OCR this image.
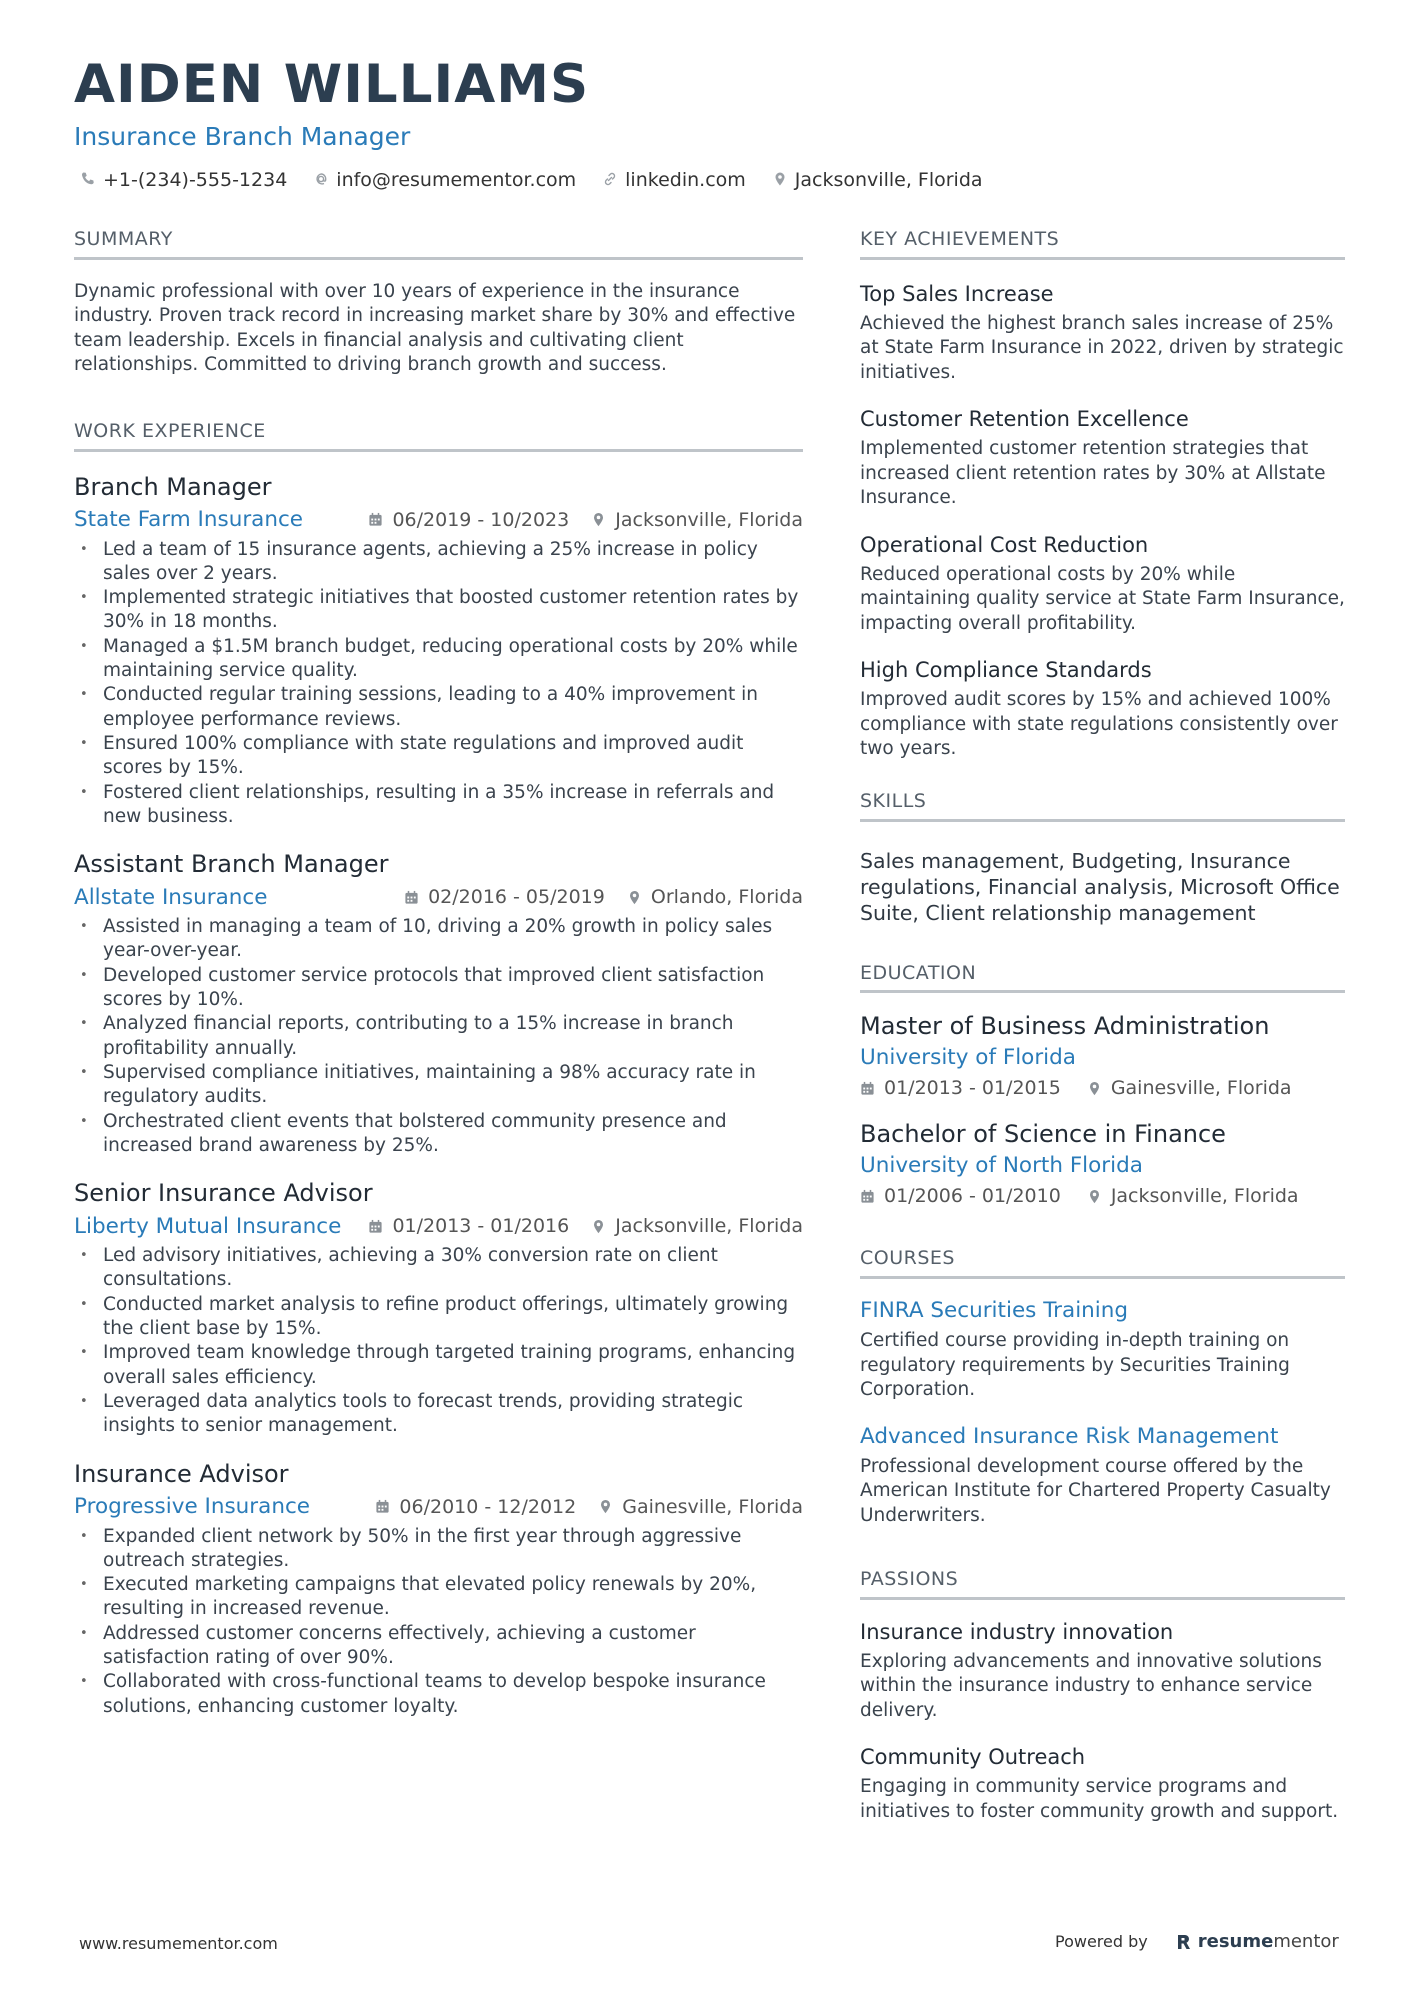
AIDEN WILLIAMS
Insurance Branch Manager
+1-(234)-555-1234	info@resumementor.com	linkedin.com	Jacksonville, Florida
SUMMARY
Dynamic professional with over 10 years of experience in the insurance industry. Proven track record in increasing market share by 30% and effective team leadership. Excels in financial analysis and cultivating client relationships. Committed to driving branch growth and success.
WORK EXPERIENCE
Branch Manager
State Farm Insurance	06/2019 - 10/2023 Jacksonville, Florida
• Led a team of 15 insurance agents, achieving a 25% increase in policy sales over 2 years.
• Implemented strategic initiatives that boosted customer retention rates by 30% in 18 months.
• Managed a $1.5M branch budget, reducing operational costs by 20% while maintaining service quality.
• Conducted regular training sessions, leading to a 40% improvement in employee performance reviews.
• Ensured 100% compliance with state regulations and improved audit scores by 15%.
• Fostered client relationships, resulting in a 35% increase in referrals and new business.
Assistant Branch Manager
Allstate Insurance	02/2016 - 05/2019 Orlando, Florida
• Assisted in managing a team of 10, driving a 20% growth in policy sales year-over-year.
• Developed customer service protocols that improved client satisfaction scores by 10%.
• Analyzed financial reports, contributing to a 15% increase in branch profitability annually.
• Supervised compliance initiatives, maintaining a 98% accuracy rate in regulatory audits.
• Orchestrated client events that bolstered community presence and increased brand awareness by 25%.
Senior Insurance Advisor
Liberty Mutual Insurance	01/2013 - 01/2016 Jacksonville, Florida
• Led advisory initiatives, achieving a 30% conversion rate on client consultations.
• Conducted market analysis to refine product offerings, ultimately growing the client base by 15%.
• Improved team knowledge through targeted training programs, enhancing overall sales efficiency.
• Leveraged data analytics tools to forecast trends, providing strategic insights to senior management.
Insurance Advisor
Progressive Insurance	06/2010 - 12/2012 Gainesville, Florida
• Expanded client network by 50% in the first year through aggressive outreach strategies.
• Executed marketing campaigns that elevated policy renewals by 20%, resulting in increased revenue.
• Addressed customer concerns effectively, achieving a customer satisfaction rating of over 90%.
• Collaborated with cross-functional teams to develop bespoke insurance solutions, enhancing customer loyalty.
KEY ACHIEVEMENTS
Top Sales Increase
Achieved the highest branch sales increase of 25% at State Farm Insurance in 2022, driven by strategic initiatives.
Customer Retention Excellence
Implemented customer retention strategies that increased client retention rates by 30% at Allstate Insurance.
Operational Cost Reduction
Reduced operational costs by 20% while maintaining quality service at State Farm Insurance, impacting overall profitability.
High Compliance Standards
Improved audit scores by 15% and achieved 100% compliance with state regulations consistently over two years.
SKILLS
Sales management, Budgeting, Insurance regulations, Financial analysis, Microsoft Office Suite, Client relationship management
EDUCATION
Master of Business Administration
University of Florida
01/2013 - 01/2015	Gainesville, Florida
Bachelor of Science in Finance
University of North Florida
01/2006 - 01/2010	Jacksonville, Florida
COURSES
FINRA Securities Training
Certified course providing in-depth training on regulatory requirements by Securities Training Corporation.
Advanced Insurance Risk Management
Professional development course offered by the American Institute for Chartered Property Casualty Underwriters.
PASSIONS
Insurance industry innovation
Exploring advancements and innovative solutions within the insurance industry to enhance service delivery.
Community Outreach
Engaging in community service programs and initiatives to foster community growth and support.
www.resumementor.com	Powered by	resume mentor
